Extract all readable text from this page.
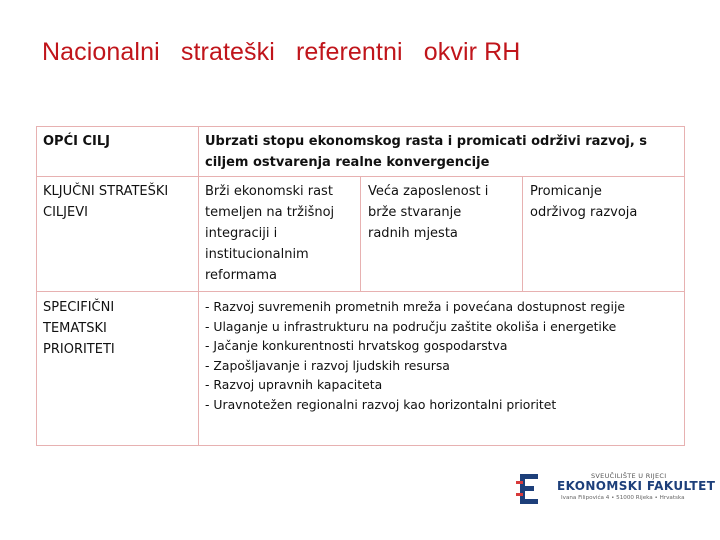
Nacionalni   strateški   referentni   okvir RH
OPĆI CILJ	Ubrzati stopu ekonomskog rasta i promicati održivi razvoj, s
ciljem ostvarenja realne konvergencije
KLJUČNI STRATEŠKI
CILJEVI
Brži ekonomski rast
temeljen na tržišnoj
integraciji i
institucionalnim
reformama
Veća zaposlenost i
brže stvaranje
radnih mjesta
Promicanje
održivog razvoja
SPECIFIČNI
TEMATSKI
PRIORITETI
- Razvoj suvremenih prometnih mreža i povećana dostupnost regije
- Ulaganje u infrastrukturu na području zaštite okoliša i energetike
- Jačanje konkurentnosti hrvatskog gospodarstva
- Zapošljavanje i razvoj ljudskih resursa
- Razvoj upravnih kapaciteta
- Uravnotežen regionalni razvoj kao horizontalni prioritet
SVEUČILIŠTE U RIJECI
EKONOMSKI FAKULTET
Ivana Filipovića 4 • 51000 Rijeka • Hrvatska
